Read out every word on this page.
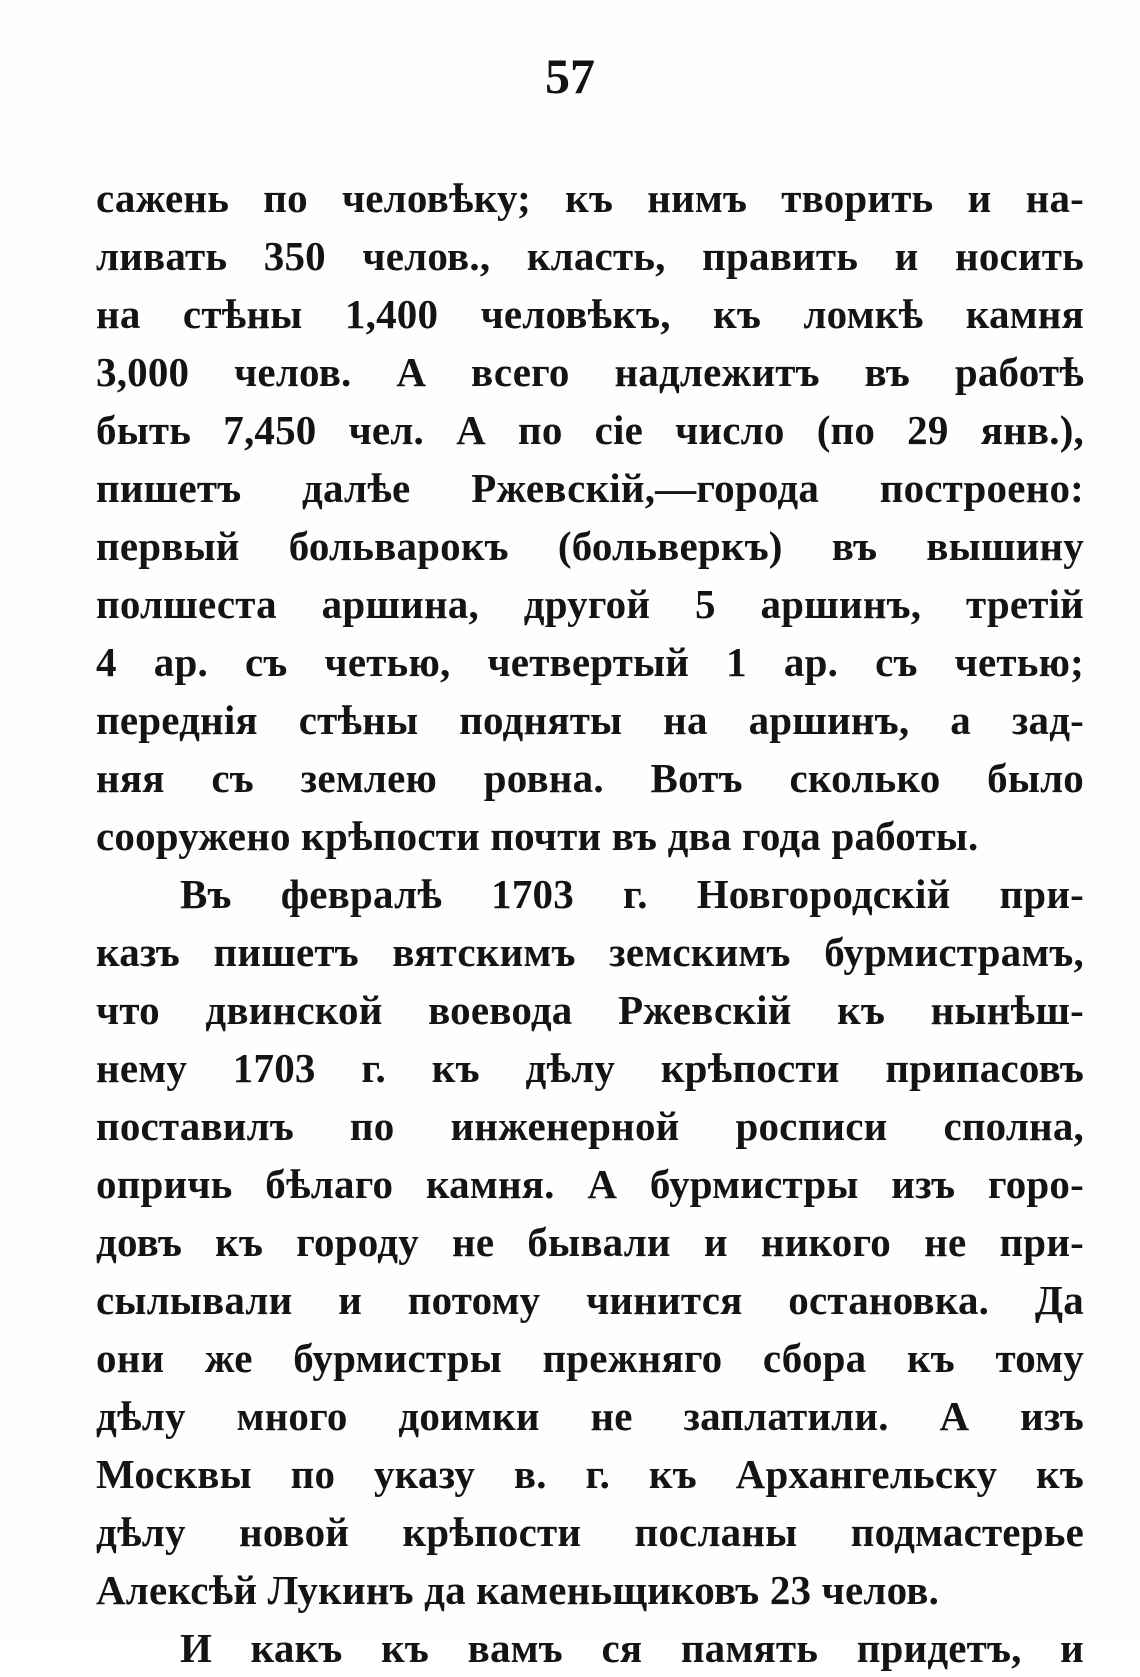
57
сажень по человѣку; къ нимъ творить и на-
ливать 350 челов., класть, править и носить
на стѣны 1,400 человѣкъ, къ ломкѣ камня
3,000 челов. А всего надлежитъ въ работѣ
быть 7,450 чел. А по сіе число (по 29 янв.),
пишетъ далѣе Ржевскій,—города построено:
первый больварокъ (больверкъ) въ вышину
полшеста аршина, другой 5 аршинъ, третій
4 ар. съ четью, четвертый 1 ар. съ четью;
переднія стѣны подняты на аршинъ, а зад-
няя съ землею ровна. Вотъ сколько было
сооружено крѣпости почти въ два года работы.
Въ февралѣ 1703 г. Новгородскій при-
казъ пишетъ вятскимъ земскимъ бурмистрамъ,
что двинской воевода Ржевскій къ нынѣш-
нему 1703 г. къ дѣлу крѣпости припасовъ
поставилъ по инженерной росписи сполна,
опричь бѣлаго камня. А бурмистры изъ горо-
довъ къ городу не бывали и никого не при-
сылывали и потому чинится остановка. Да
они же бурмистры прежняго сбора къ тому
дѣлу много доимки не заплатили. А изъ
Москвы по указу в. г. къ Архангельску къ
дѣлу новой крѣпости посланы подмастерье
Алексѣй Лукинъ да каменьщиковъ 23 челов.
И какъ къ вамъ ся память придетъ, и
